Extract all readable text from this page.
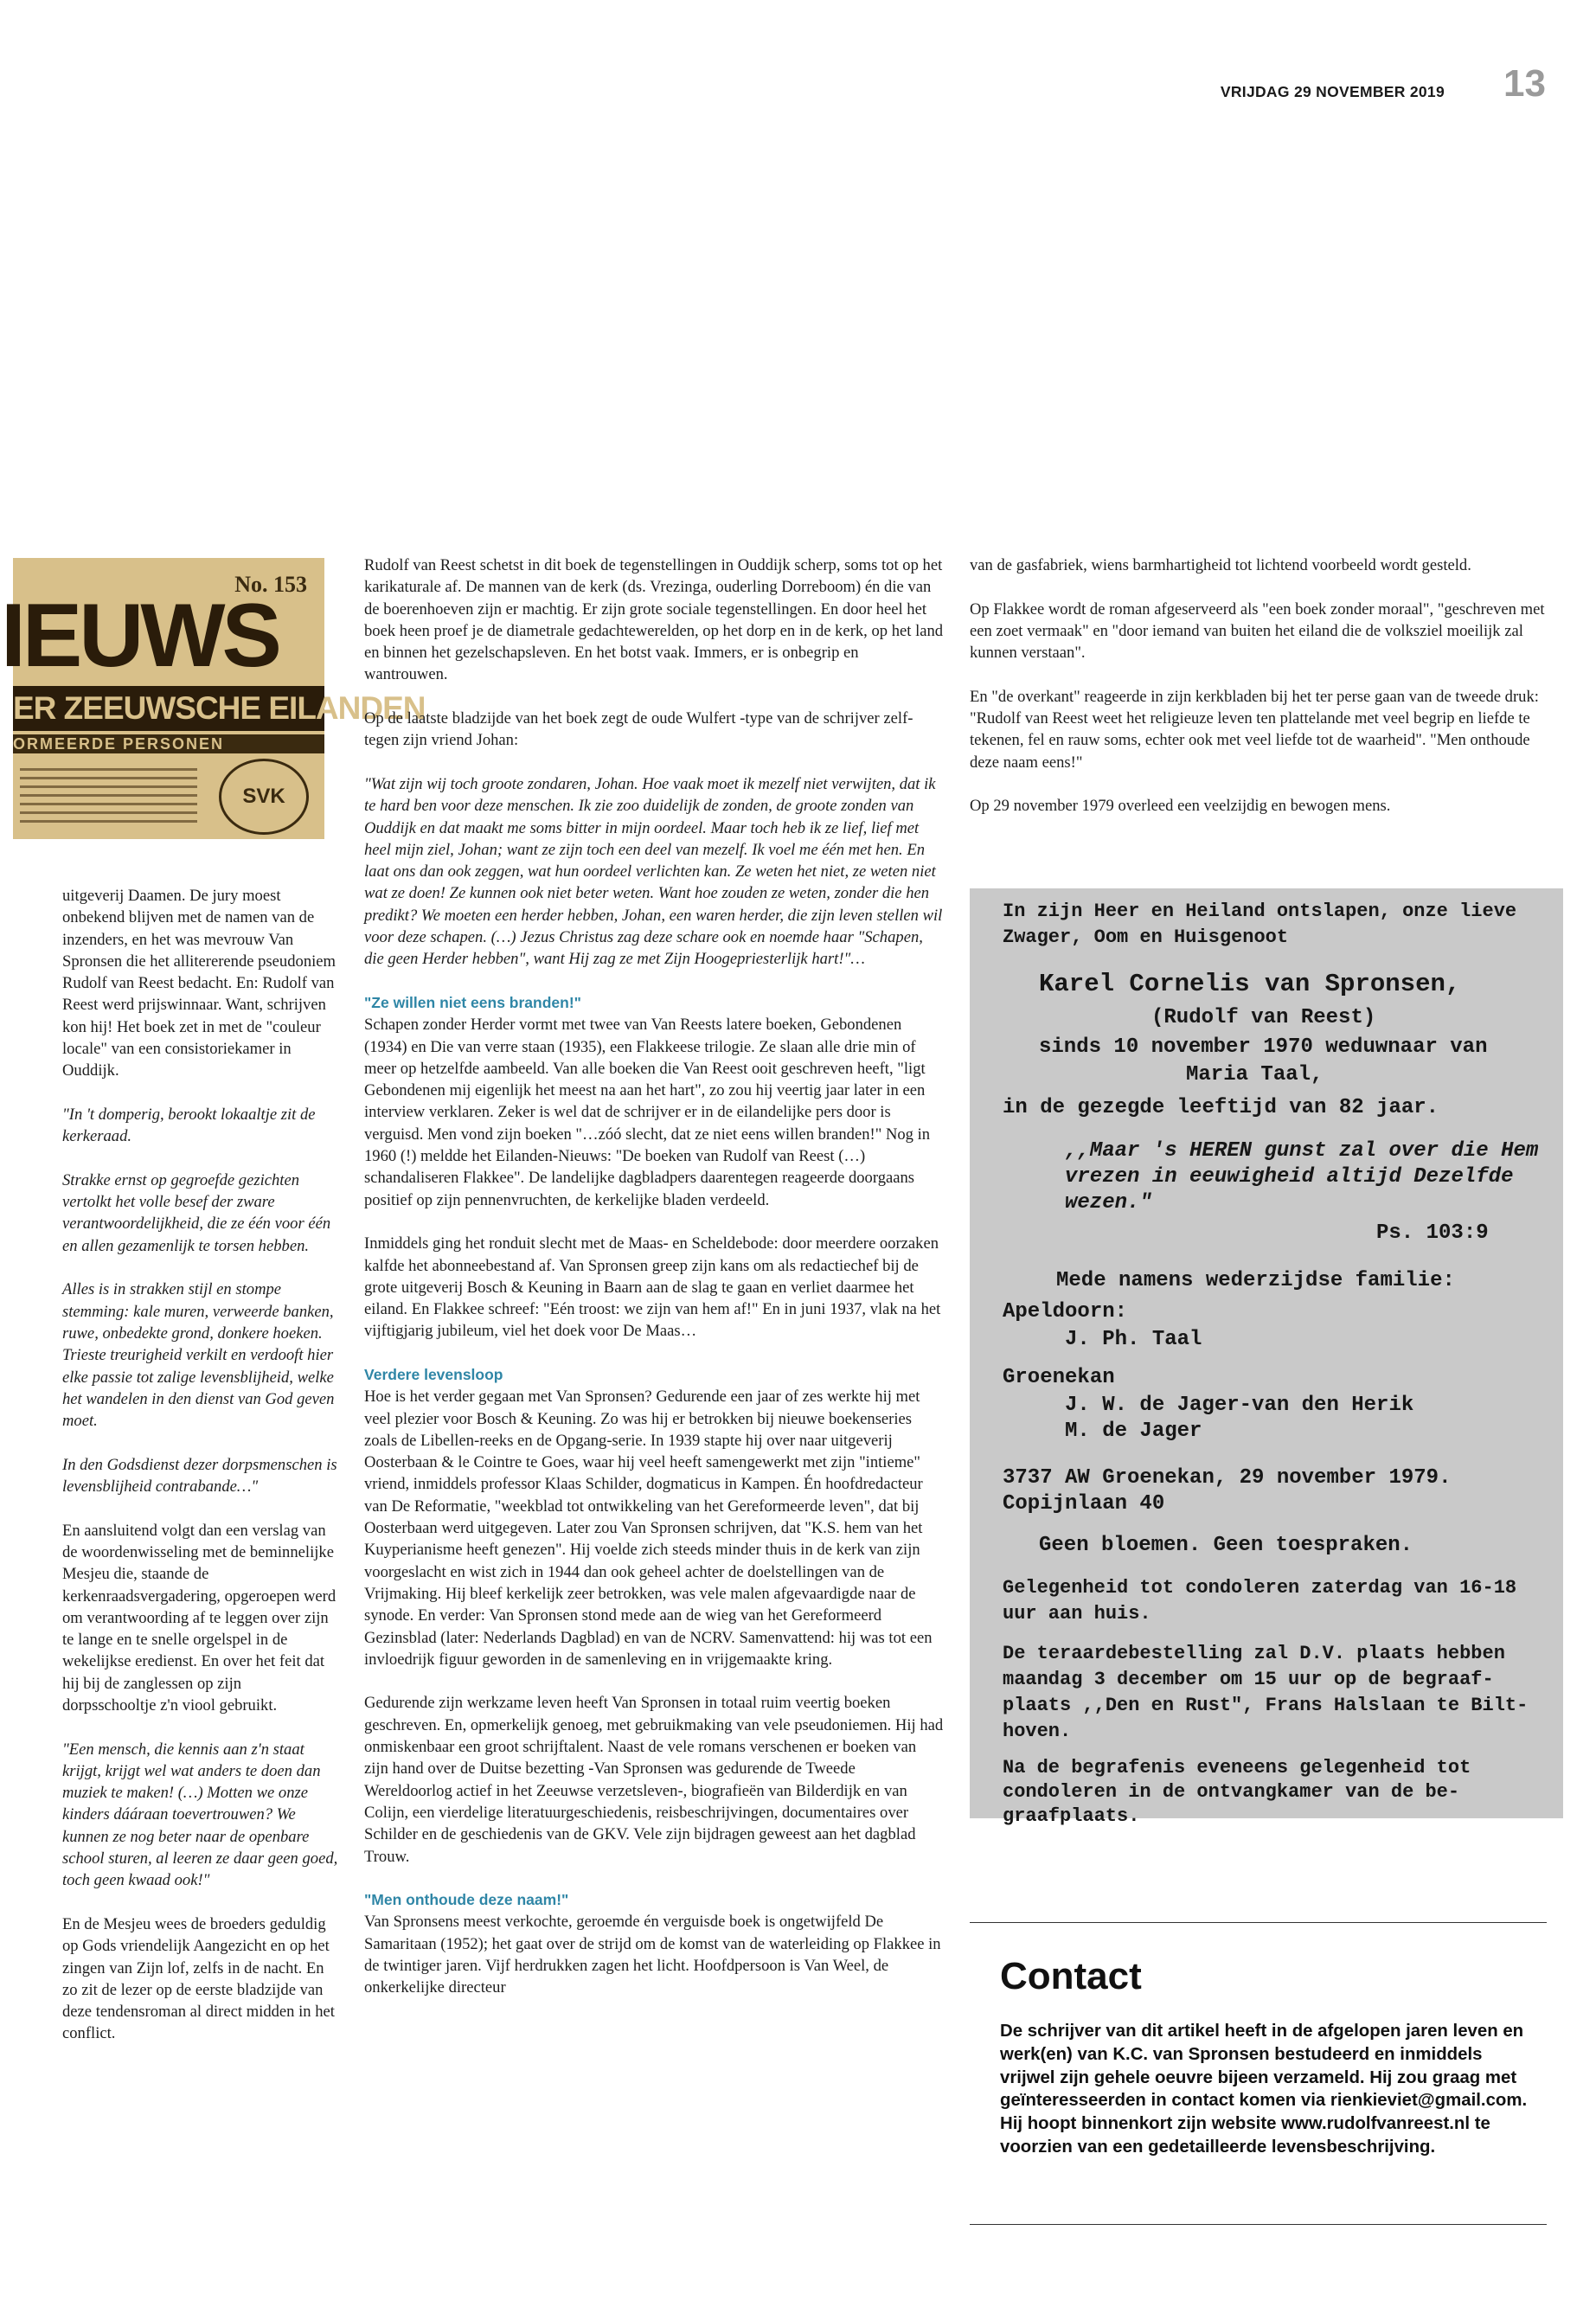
VRIJDAG 29 NOVEMBER 2019 13
No. 153
IEUWS
ER ZEEUWSCHE EILANDEN
ORMEERDE PERSONEN
SVK

uitgeverij Daamen. De jury moest onbekend blijven met de namen van de inzenders, en het was mevrouw Van Spronsen die het allitererende pseudoniem Rudolf van Reest bedacht. En: Rudolf van Reest werd prijswinnaar. Want, schrijven kon hij! Het boek zet in met de "couleur locale" van een consistoriekamer in Ouddijk.

"In 't domperig, berookt lokaaltje zit de kerkeraad.

Strakke ernst op gegroefde gezichten vertolkt het volle besef der zware verantwoordelijkheid, die ze één voor één en allen gezamenlijk te torsen hebben.

Alles is in strakken stijl en stompe stemming: kale muren, verweerde banken, ruwe, onbedekte grond, donkere hoeken. Trieste treurigheid verkilt en verdooft hier elke passie tot zalige levensblijheid, welke het wandelen in den dienst van God geven moet.

In den Godsdienst dezer dorpsmenschen is levensblijheid contrabande…"

En aansluitend volgt dan een verslag van de woordenwisseling met de beminnelijke Mesjeu die, staande de kerkenraadsvergadering, opgeroepen werd om verantwoording af te leggen over zijn te lange en te snelle orgelspel in de wekelijkse eredienst. En over het feit dat hij bij de zanglessen op zijn dorpsschooltje z'n viool gebruikt.

"Een mensch, die kennis aan z'n staat krijgt, krijgt wel wat anders te doen dan muziek te maken! (…) Motten we onze kinders dááraan toevertrouwen? We kunnen ze nog beter naar de openbare school sturen, al leeren ze daar geen goed, toch geen kwaad ook!"

En de Mesjeu wees de broeders geduldig op Gods vriendelijk Aangezicht en op het zingen van Zijn lof, zelfs in de nacht. En zo zit de lezer op de eerste bladzijde van deze tendensroman al direct midden in het conflict.

Rudolf van Reest schetst in dit boek de tegenstellingen in Ouddijk scherp, soms tot op het karikaturale af. De mannen van de kerk (ds. Vrezinga, ouderling Dorreboom) én die van de boerenhoeven zijn er machtig. Er zijn grote sociale tegenstellingen. En door heel het boek heen proef je de diametrale gedachtewerelden, op het dorp en in de kerk, op het land en binnen het gezelschapsleven. En het botst vaak. Immers, er is onbegrip en wantrouwen.

Op de laatste bladzijde van het boek zegt de oude Wulfert -type van de schrijver zelf- tegen zijn vriend Johan:

"Wat zijn wij toch groote zondaren, Johan. Hoe vaak moet ik mezelf niet verwijten, dat ik te hard ben voor deze menschen. Ik zie zoo duidelijk de zonden, de groote zonden van Ouddijk en dat maakt me soms bitter in mijn oordeel. Maar toch heb ik ze lief, lief met heel mijn ziel, Johan; want ze zijn toch een deel van mezelf. Ik voel me één met hen. En laat ons dan ook zeggen, wat hun oordeel verlichten kan. Ze weten het niet, ze weten niet wat ze doen! Ze kunnen ook niet beter weten. Want hoe zouden ze weten, zonder die hen predikt? We moeten een herder hebben, Johan, een waren herder, die zijn leven stellen wil voor deze schapen. (…) Jezus Christus zag deze schare ook en noemde haar "Schapen, die geen Herder hebben", want Hij zag ze met Zijn Hoogepriesterlijk hart!"…

"Ze willen niet eens branden!"

Schapen zonder Herder vormt met twee van Van Reests latere boeken, Gebondenen (1934) en Die van verre staan (1935), een Flakkeese trilogie. Ze slaan alle drie min of meer op hetzelfde aambeeld. Van alle boeken die Van Reest ooit geschreven heeft, "ligt Gebondenen mij eigenlijk het meest na aan het hart", zo zou hij veertig jaar later in een interview verklaren. Zeker is wel dat de schrijver er in de eilandelijke pers door is verguisd. Men vond zijn boeken "…zóó slecht, dat ze niet eens willen branden!" Nog in 1960 (!) meldde het Eilanden-Nieuws: "De boeken van Rudolf van Reest (…) schandaliseren Flakkee". De landelijke dagbladpers daarentegen reageerde doorgaans positief op zijn pennenvruchten, de kerkelijke bladen verdeeld.

Inmiddels ging het ronduit slecht met de Maas- en Scheldebode: door meerdere oorzaken kalfde het abonneebestand af. Van Spronsen greep zijn kans om als redactiechef bij de grote uitgeverij Bosch & Keuning in Baarn aan de slag te gaan en verliet daarmee het eiland. En Flakkee schreef: "Eén troost: we zijn van hem af!" En in juni 1937, vlak na het vijftigjarig jubileum, viel het doek voor De Maas…

Verdere levensloop

Hoe is het verder gegaan met Van Spronsen? Gedurende een jaar of zes werkte hij met veel plezier voor Bosch & Keuning. Zo was hij er betrokken bij nieuwe boekenseries zoals de Libellen-reeks en de Opgang-serie. In 1939 stapte hij over naar uitgeverij Oosterbaan & le Cointre te Goes, waar hij veel heeft samengewerkt met zijn "intieme" vriend, inmiddels professor Klaas Schilder, dogmaticus in Kampen. Én hoofdredacteur van De Reformatie, "weekblad tot ontwikkeling van het Gereformeerde leven", dat bij Oosterbaan werd uitgegeven. Later zou Van Spronsen schrijven, dat "K.S. hem van het Kuyperianisme heeft genezen". Hij voelde zich steeds minder thuis in de kerk van zijn voorgeslacht en wist zich in 1944 dan ook geheel achter de doelstellingen van de Vrijmaking. Hij bleef kerkelijk zeer betrokken, was vele malen afgevaardigde naar de synode. En verder: Van Spronsen stond mede aan de wieg van het Gereformeerd Gezinsblad (later: Nederlands Dagblad) en van de NCRV. Samenvattend: hij was tot een invloedrijk figuur geworden in de samenleving en in vrijgemaakte kring.

Gedurende zijn werkzame leven heeft Van Spronsen in totaal ruim veertig boeken geschreven. En, opmerkelijk genoeg, met gebruikmaking van vele pseudoniemen. Hij had onmiskenbaar een groot schrijftalent. Naast de vele romans verschenen er boeken van zijn hand over de Duitse bezetting -Van Spronsen was gedurende de Tweede Wereldoorlog actief in het Zeeuwse verzetsleven-, biografieën van Bilderdijk en van Colijn, een vierdelige literatuurgeschiedenis, reisbeschrijvingen, documentaires over Schilder en de geschiedenis van de GKV. Vele zijn bijdragen geweest aan het dagblad Trouw.

"Men onthoude deze naam!"

Van Spronsens meest verkochte, geroemde én verguisde boek is ongetwijfeld De Samaritaan (1952); het gaat over de strijd om de komst van de waterleiding op Flakkee in de twintiger jaren. Vijf herdrukken zagen het licht. Hoofdpersoon is Van Weel, de onkerkelijke directeur

van de gasfabriek, wiens barmhartigheid tot lichtend voorbeeld wordt gesteld.

Op Flakkee wordt de roman afgeserveerd als "een boek zonder moraal", "geschreven met een zoet vermaak" en "door iemand van buiten het eiland die de volksziel moeilijk zal kunnen verstaan".

En "de overkant" reageerde in zijn kerkbladen bij het ter perse gaan van de tweede druk: "Rudolf van Reest weet het religieuze leven ten plattelande met veel begrip en liefde te tekenen, fel en rauw soms, echter ook met veel liefde tot de waarheid". "Men onthoude deze naam eens!"

Op 29 november 1979 overleed een veelzijdig en bewogen mens.

In zijn Heer en Heiland ontslapen, onze lieve
Zwager, Oom en Huisgenoot
Karel Cornelis van Spronsen,
(Rudolf van Reest)
sinds 10 november 1970 weduwnaar van
Maria Taal,
in de gezegde leeftijd van 82 jaar.
,,Maar 's HEREN gunst zal over die Hem
vrezen in eeuwigheid altijd Dezelfde
wezen."
Ps. 103:9
Mede namens wederzijdse familie:
Apeldoorn:
J. Ph. Taal
Groenekan
J. W. de Jager-van den Herik
M. de Jager
3737 AW Groenekan, 29 november 1979.
Copijnlaan 40
Geen bloemen. Geen toespraken.
Gelegenheid tot condoleren zaterdag van 16-18
uur aan huis.
De teraardebestelling zal D.V. plaats hebben
maandag 3 december om 15 uur op de begraaf-
plaats ,,Den en Rust", Frans Halslaan te Bilt-
hoven.
Na de begrafenis eveneens gelegenheid tot
condoleren in de ontvangkamer van de be-
graafplaats.
Contact
De schrijver van dit artikel heeft in de afgelopen jaren leven en werk(en) van K.C. van Spronsen bestudeerd en inmiddels vrijwel zijn gehele oeuvre bijeen verzameld. Hij zou graag met geïnteresseerden in contact komen via rienkieviet@gmail.com. Hij hoopt binnenkort zijn website www.rudolfvanreest.nl te voorzien van een gedetailleerde levensbeschrijving.
